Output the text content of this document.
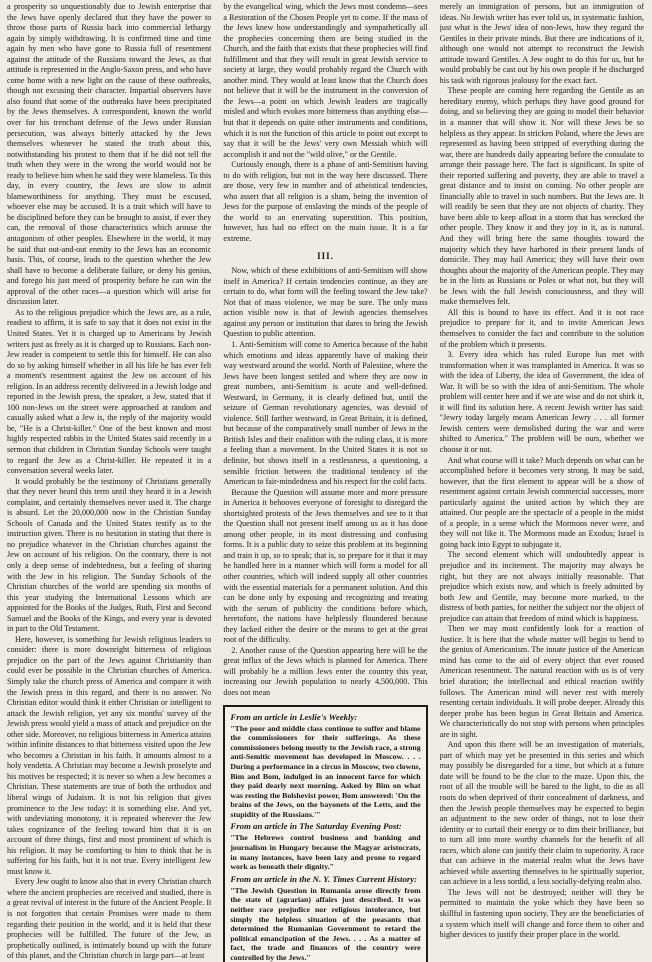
a prosperity so unquestionably due to Jewish enterprise that the Jews have openly declared that they have the power to throw those parts of Russia back into commercial lethargy again by simply withdrawing. It is confirmed time and time again by men who have gone to Russia full of resentment against the attitude of the Russians toward the Jews, as that attitude is represented in the Anglo-Saxon press, and who have come home with a new light on the cause of these outbreaks, though not excusing their character. Impartial observers have also found that some of the outbreaks have been precipitated by the Jews themselves. A correspondent, known the world over for his trenchant defense of the Jews under Russian persecution, was always bitterly attacked by the Jews themselves whenever he stated the truth about this, notwithstanding his protest to them that if he did not tell the truth when they were in the wrong the world would not be ready to believe him when he said they were blameless. To this day, in every country, the Jews are slow to admit blameworthiness for anything. They must be excused, whoever else may be accused. It is a trait which will have to be disciplined before they can be brought to assist, if ever they can, the removal of those characteristics which arouse the antagonism of other peoples. Elsewhere in the world, it may be said that out-and-out enmity to the Jews has an economic basis. This, of course, leads to the question whether the Jew shall have to become a deliberate failure, or deny his genius, and forego his just meed of prosperity before he can win the approval of the other races—a question which will arise for discussion later.

As to the religious prejudice which the Jews are, as a rule, readiest to affirm, it is safe to say that it does not exist in the United States. Yet it is charged up to Americans by Jewish writers just as freely as it is charged up to Russians. Each non-Jew reader is competent to settle this for himself. He can also do so by asking himself whether in all his life he has ever felt a moment's resentment against the Jew on account of his religion. In an address recently delivered in a Jewish lodge and reported in the Jewish press, the speaker, a Jew, stated that if 100 non-Jews on the street were approached at random and casually asked what a Jew is, the reply of the majority would be, "He is a Christ-killer." One of the best known and most highly respected rabbis in the United States said recently in a sermon that children in Christian Sunday Schools were taught to regard the Jew as a Christ-killer. He repeated it in a conversation several weeks later.

It would probably be the testimony of Christians generally that they never heard this term until they heard it in a Jewish complaint, and certainly themselves never used it. The charge is absurd. Let the 20,000,000 now in the Christian Sunday Schools of Canada and the United States testify as to the instruction given. There is no hesitation in stating that there is no prejudice whatever in the Christian churches against the Jew on account of his religion. On the contrary, there is not only a deep sense of indebtedness, but a feeling of sharing with the Jew in his religion. The Sunday Schools of the Christian churches of the world are spending six months of this year studying the International Lessons which are appointed for the Books of the Judges, Ruth, First and Second Samuel and the Books of the Kings, and every year is devoted in part to the Old Testament.

Here, however, is something for Jewish religious leaders to consider: there is more downright bitterness of religious prejudice on the part of the Jews against Christianity than could ever be possible in the Christian churches of America. Simply take the church press of America and compare it with the Jewish press in this regard, and there is no answer. No Christian editor would think it either Christian or intelligent to attack the Jewish religion, yet any six months' survey of the Jewish press would yield a mass of attack and prejudice on the other side. Moreover, no religious bitterness in America attains within infinite distances to that bitterness visited upon the Jew who becomes a Christian in his faith. It amounts almost to a holy vendetta. A Christian may become a Jewish proselyte and his motives be respected; it is never so when a Jew becomes a Christian. These statements are true of both the orthodox and liberal wings of Judaism. It is not his religion that gives prominence to the Jew today: it is something else. And yet, with undeviating monotony, it is repeated wherever the Jew takes cognizance of the feeling toward him that it is on account of three things, first and most prominent of which is his religion. It may be comforting to him to think that he is suffering for his faith, but it is not true. Every intelligent Jew must know it.

Every Jew ought to know also that in every Christian church where the ancient prophecies are received and studied, there is a great revival of interest in the future of the Ancient People. It is not forgotten that certain Promises were made to them regarding their position in the world, and it is held that these prophecies will be fulfilled. The future of the Jew, as prophetically outlined, is intimately bound up with the future of this planet, and the Christian church in large part—at least

by the evangelical wing, which the Jews most condemn—sees a Restoration of the Chosen People yet to come. If the mass of the Jews knew how understandingly and sympathetically all the prophecies concerning them are being studied in the Church, and the faith that exists that these prophecies will find fulfillment and that they will result in great Jewish service to society at large, they would probably regard the Church with another mind. They would at least know that the Church does not believe that it will be the instrument in the conversion of the Jews—a point on which Jewish leaders are tragically misled and which evokes more bitterness than anything else—but that it depends on quite other instruments and conditions, which it is not the function of this article to point out except to say that it will be the Jews' very own Messiah which will accomplish it and not the "wild olive," or the Gentile.

Curiously enough, there is a phase of anti-Semitism having to do with religion, but not in the way here discussed. There are those, very few in number and of atheistical tendencies, who assert that all religion is a sham, being the invention of Jews for the purpose of enslaving the minds of the people of the world to an enervating superstition. This position, however, has had no effect on the main issue. It is a far extreme.

III.

Now, which of these exhibitions of anti-Semitism will show itself in America? If certain tendencies continue, as they are certain to do, what form will the feeling toward the Jew take? Not that of mass violence, we may be sure. The only mass action visible now is that of Jewish agencies themselves against any person or institution that dares to bring the Jewish Question to public attention.

1. Anti-Semitism will come to America because of the habit which emotions and ideas apparently have of making their way westward around the world. North of Palestine, where the Jews have been longest settled and where they are now in great numbers, anti-Semitism is acute and well-defined. Westward, in Germany, it is clearly defined but, until the seizure of German revolutionary agencies, was devoid of violence. Still farther westward, in Great Britain, it is defined, but because of the comparatively small number of Jews in the British Isles and their coalition with the ruling class, it is more a feeling than a movement. In the United States it is not so definite, but shows itself in a restlessness, a questioning, a sensible friction between the traditional tendency of the American to fair-mindedness and his respect for the cold facts.

Because the Question will assume more and more pressure in America it behooves everyone of foresight to disregard the shortsighted protests of the Jews themselves and see to it that the Question shall not present itself among us as it has done among other people, in its most distressing and confusing forms. It is a public duty to seize this problem at its beginning and train it up, so to speak; that is, so prepare for it that it may be handled here in a manner which will form a model for all other countries, which will indeed supply all other countries with the essential materials for a permanent solution. And this can be done only by exposing and recognizing and treating with the serum of publicity the conditions before which, heretofore, the nations have helplessly floundered because they lacked either the desire or the means to get at the great root of the difficulty.

2. Another cause of the Question appearing here will be the great influx of the Jews which is planned for America. There will probably be a million Jews enter the country this year, increasing our Jewish population to nearly 4,500,000. This does not mean

From an article in Leslie's Weekly:
"The poor and middle class continue to suffer and blame the commissioners for their sufferings. As these commissioners belong mostly to the Jewish race, a strong anti-Semitic movement has developed in Moscow. . . . During a performance in a circus in Moscow, two clowns, Bim and Bom, indulged in an innocent farce for which they paid dearly next morning. Asked by Bim on what was resting the Bolshevist power, Bom answered: 'On the brains of the Jews, on the bayonets of the Letts, and the stupidity of the Russians.'"
From an article in The Saturday Evening Post:
"The Hebrews control business and banking and journalism in Hungary because the Magyar aristocrats, in many instances, have been lazy and prone to regard work as beneath their dignity."
From an article in the N. Y. Times Current History:
"The Jewish Question in Rumania arose directly from the state of (agrarian) affairs just described. It was neither race prejudice nor religious intolerance, but simply the helpless situation of the peasants that determined the Rumanian Government to retard the political emancipation of the Jews. . . . As a matter of fact, the trade and finances of the country were controlled by the Jews."

merely an immigration of persons, but an immigration of ideas. No Jewish writer has ever told us, in systematic fashion, just what is the Jews' idea of non-Jews, how they regard the Gentiles in their private minds. But there are indications of it, although one would not attempt to reconstruct the Jewish attitude toward Gentiles. A Jew ought to do this for us, but he would probably be cast out by his own people if he discharged his task with rigorous jealousy for the exact fact.

These people are coming here regarding the Gentile as an hereditary enemy, which perhaps they have good ground for doing, and so believing they are going to model their behavior in a manner that will show it. Nor will these Jews be so helpless as they appear. In stricken Poland, where the Jews are represented as having been stripped of everything during the war, there are hundreds daily appearing before the consulate to arrange their passage here. The fact is significant. In spite of their reported suffering and poverty, they are able to travel a great distance and to insist on coming. No other people are financially able to travel in such numbers. But the Jews are. It will readily be seen that they are not objects of charity. They have been able to keep afloat in a storm that has wrecked the other people. They know it and they joy in it, as is natural. And they will bring here the same thoughts toward the majority which they have harbored in their present lands of domicile. They may hail America; they will have their own thoughts about the majority of the American people. They may be in the lists as Russians or Poles or what not, but they will be Jews with the full Jewish consciousness, and they will make themselves felt.

All this is bound to have its effect. And it is not race prejudice to prepare for it, and to invite American Jews themselves to consider the fact and contribute to the solution of the problem which it presents.

3. Every idea which has ruled Europe has met with transformation when it was transplanted in America. It was so with the idea of Liberty, the idea of Government, the idea of War. It will be so with the idea of anti-Semitism. The whole problem will center here and if we are wise and do not shirk it, it will find its solution here. A recent Jewish writer has said: "Jewry today largely means American Jewry . . . all former Jewish centers were demolished during the war and were shifted to America." The problem will be ours, whether we choose it or not.

And what course will it take? Much depends on what can be accomplished before it becomes very strong. It may be said, however, that the first element to appear will be a show of resentment against certain Jewish commercial successes, more particularly against the united action by which they are attained. Our people are the spectacle of a people in the midst of a people, in a sense which the Mormons never were, and they will not like it. The Mormons made an Exodus; Israel is going back into Egypt to subjugate it.

The second element which will undoubtedly appear is prejudice and its incitement. The majority may always be right, but they are not always initially reasonable. That prejudice which exists now, and which is freely admitted by both Jew and Gentile, may become more marked, to the distress of both parties, for neither the subject nor the object of prejudice can attain that freedom of mind which is happiness.

Then we may most confidently look for a reaction of Justice. It is here that the whole matter will begin to bend to the genius of Americanism. The innate justice of the American mind has come to the aid of every object that ever roused American resentment. The natural reaction with us is of very brief duration; the intellectual and ethical reaction swiftly follows. The American mind will never rest with merely resenting certain individuals. It will probe deeper. Already this deeper probe has been begun in Great Britain and America. We characteristically do not stop with persons when principles are in sight.

And upon this there will be an investigation of materials, part of which may yet be presented in this series and which may possibly be disregarded for a time, but which at a future date will be found to be the clue to the maze. Upon this, the root of all the trouble will be bared to the light, to die as all roots do when deprived of their concealment of darkness, and then the Jewish people themselves may be expected to begin an adjustment to the new order of things, not to lose their identity or to curtail their energy or to dim their brilliance, but to turn all into more worthy channels for the benefit of all races, which alone can justify their claim to superiority. A race that can achieve in the material realm what the Jews have achieved while asserting themselves to be spiritually superior, can achieve in a less sordid, a less socially-defying realm also.

The Jews will not be destroyed; neither will they be permitted to maintain the yoke which they have been so skillful in fastening upon society. They are the beneficiaries of a system which itself will change and force them to other and higher devices to justify their proper place in the world.
